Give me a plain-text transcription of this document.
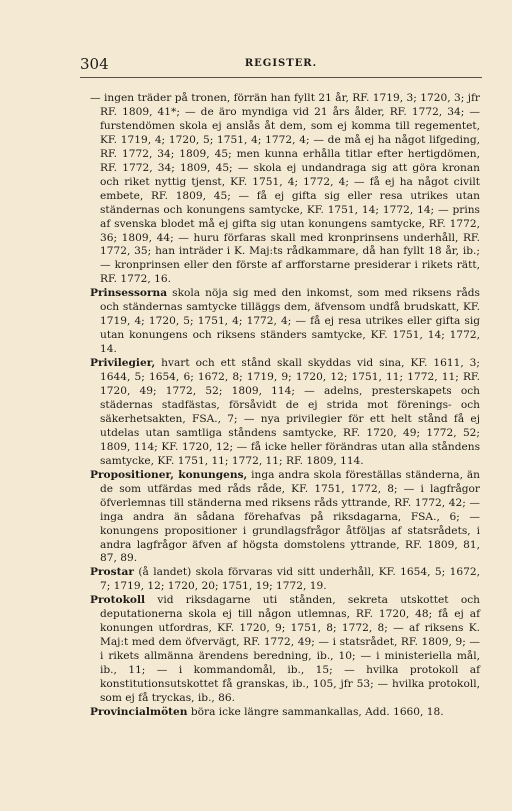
304	REGISTER.

— ingen träder på tronen, förrän han fyllt 21 år, RF. 1719, 3; 1720, 3; jfr RF. 1809, 41*; — de äro myndiga vid 21 års ålder, RF. 1772, 34; — furstendömen skola ej anslås åt dem, som ej komma till regementet, KF. 1719, 4; 1720, 5; 1751, 4; 1772, 4; — de må ej ha något lifgeding, RF. 1772, 34; 1809, 45; men kunna erhålla titlar efter hertigdömen, RF. 1772, 34; 1809, 45; — skola ej undandraga sig att göra kronan och riket nyttig tjenst, KF. 1751, 4; 1772, 4; — få ej ha något civilt embete, RF. 1809, 45; — få ej gifta sig eller resa utrikes utan ständernas och konungens samtycke, KF. 1751, 14; 1772, 14; — prins af svenska blodet må ej gifta sig utan konungens samtycke, RF. 1772, 36; 1809, 44; — huru förfaras skall med kronprinsens underhåll, RF. 1772, 35; han inträder i K. Maj:ts rådkammare, då han fyllt 18 år, ib.; — kronprinsen eller den förste af arfforstarne presiderar i rikets rätt, RF. 1772, 16.

Prinsessorna skola nöja sig med den inkomst, som med riksens råds och ständernas samtycke tilläggs dem, äfvensom undfå brudskatt, KF. 1719, 4; 1720, 5; 1751, 4; 1772, 4; — få ej resa utrikes eller gifta sig utan konungens och riksens ständers samtycke, KF. 1751, 14; 1772, 14.

Privilegier, hvart och ett stånd skall skyddas vid sina, KF. 1611, 3; 1644, 5; 1654, 6; 1672, 8; 1719, 9; 1720, 12; 1751, 11; 1772, 11; RF. 1720, 49; 1772, 52; 1809, 114; — adelns, presterskapets och städernas stadfästas, försåvidt de ej strida mot förenings- och säkerhetsakten, FSA., 7; — nya privilegier för ett helt stånd få ej utdelas utan samtliga ståndens samtycke, RF. 1720, 49; 1772, 52; 1809, 114; KF. 1720, 12; — få icke heller förändras utan alla ståndens samtycke, KF. 1751, 11; 1772, 11; RF. 1809, 114.

Propositioner, konungens, inga andra skola föreställas ständerna, än de som utfärdas med råds råde, KF. 1751, 1772, 8; — i lagfrågor öfverlemnas till ständerna med riksens råds yttrande, RF. 1772, 42; — inga andra än sådana förehafvas på riksdagarna, FSA., 6; — konungens propositioner i grundlagsfrågor åtföljas af statsrådets, i andra lagfrågor äfven af högsta domstolens yttrande, RF. 1809, 81, 87, 89.

Prostar (å landet) skola förvaras vid sitt underhåll, KF. 1654, 5; 1672, 7; 1719, 12; 1720, 20; 1751, 19; 1772, 19.

Protokoll vid riksdagarne uti stånden, sekreta utskottet och deputationerna skola ej till någon utlemnas, RF. 1720, 48; få ej af konungen utfordras, KF. 1720, 9; 1751, 8; 1772, 8; — af riksens K. Maj:t med dem öfvervägt, RF. 1772, 49; — i statsrådet, RF. 1809, 9; — i rikets allmänna ärendens beredning, ib., 10; — i ministeriella mål, ib., 11; — i kommandomål, ib., 15; — hvilka protokoll af konstitutionsutskottet få granskas, ib., 105, jfr 53; — hvilka protokoll, som ej få tryckas, ib., 86.

Provincialmöten böra icke längre sammankallas, Add. 1660, 18.
